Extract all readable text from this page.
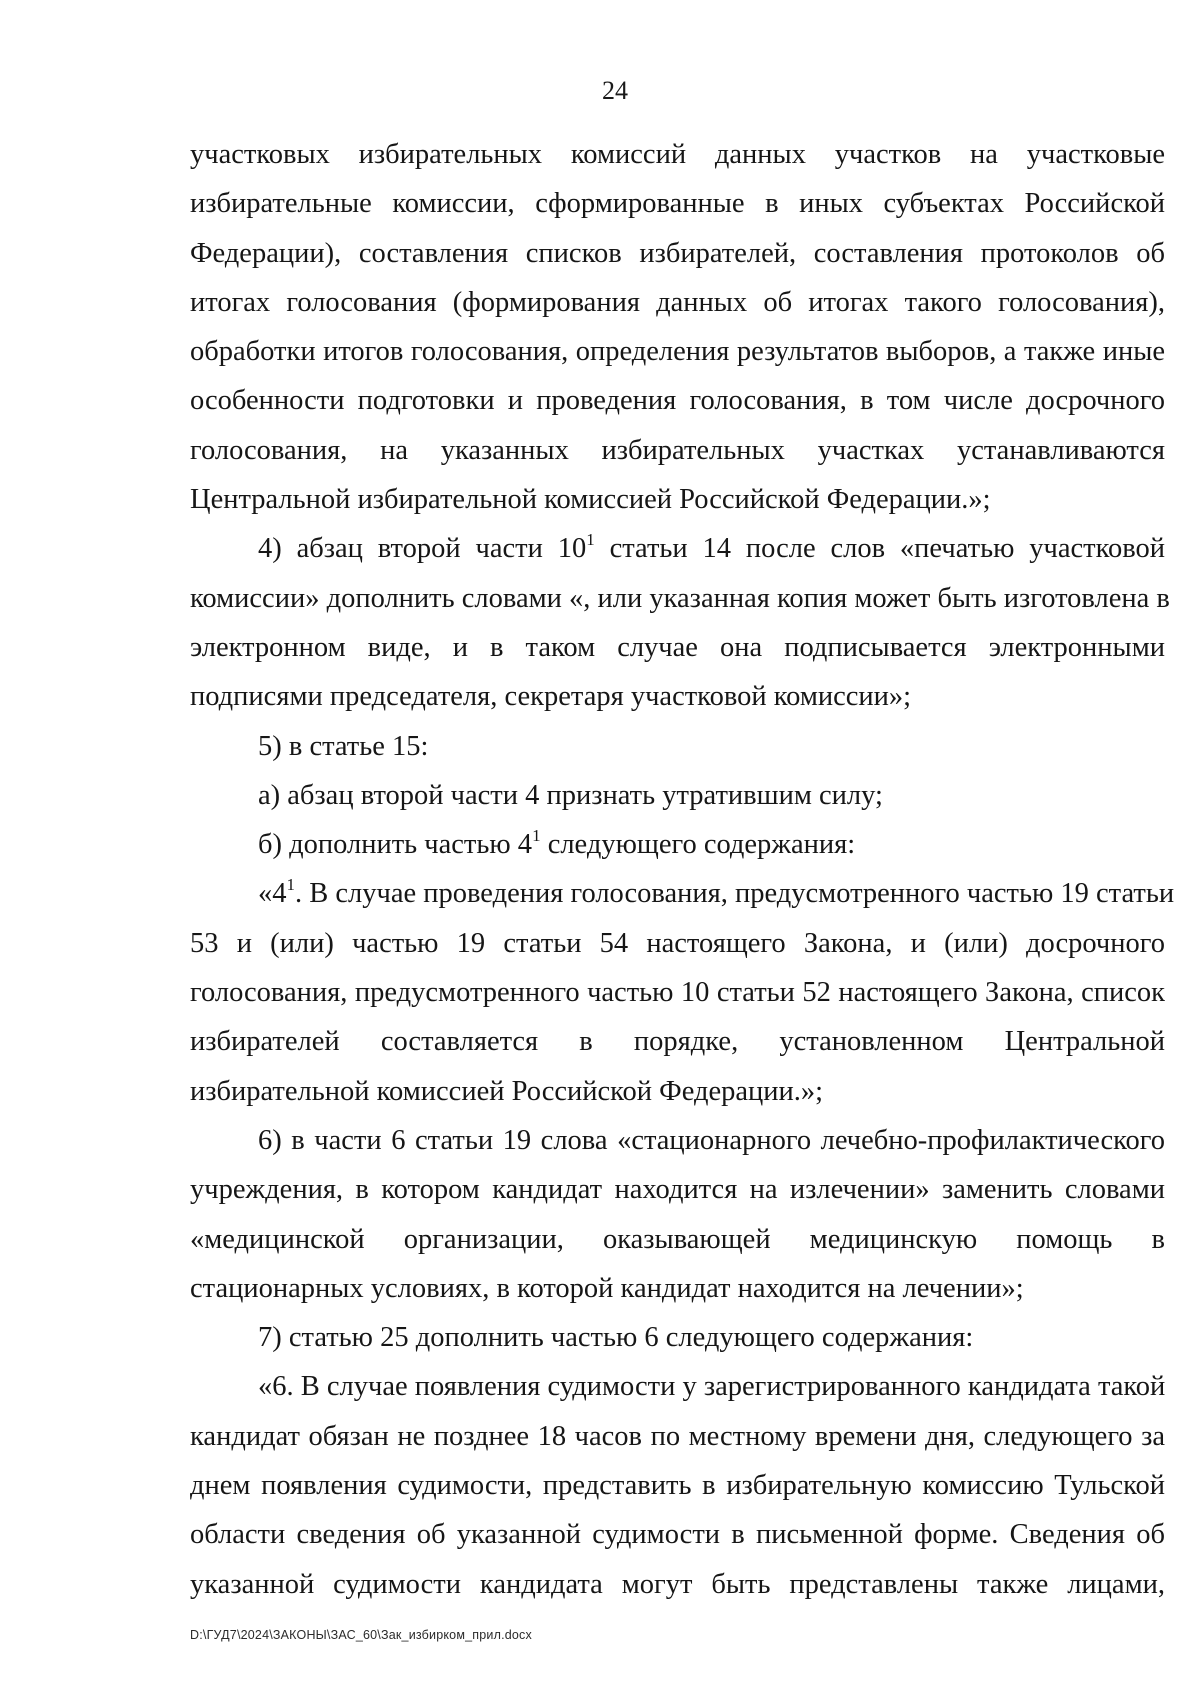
24
участковых избирательных комиссий данных участков на участковые
избирательные комиссии, сформированные в иных субъектах Российской
Федерации), составления списков избирателей, составления протоколов об
итогах голосования (формирования данных об итогах такого голосования),
обработки итогов голосования, определения результатов выборов, а также иные
особенности подготовки и проведения голосования, в том числе досрочного
голосования, на указанных избирательных участках устанавливаются
Центральной избирательной комиссией Российской Федерации.»;
4) абзац второй части $10^1$ статьи 14 после слов «печатью участковой
комиссии» дополнить словами «, или указанная копия может быть изготовлена в
электронном виде, и в таком случае она подписывается электронными
подписями председателя, секретаря участковой комиссии»;
5) в статье 15:
а) абзац второй части 4 признать утратившим силу;
б) дополнить частью $4^1$ следующего содержания:
«$4^1$. В случае проведения голосования, предусмотренного частью 19 статьи
53 и (или) частью 19 статьи 54 настоящего Закона, и (или) досрочного
голосования, предусмотренного частью 10 статьи 52 настоящего Закона, список
избирателей составляется в порядке, установленном Центральной
избирательной комиссией Российской Федерации.»;
6) в части 6 статьи 19 слова «стационарного лечебно-профилактического
учреждения, в котором кандидат находится на излечении» заменить словами
«медицинской организации, оказывающей медицинскую помощь в
стационарных условиях, в которой кандидат находится на лечении»;
7) статью 25 дополнить частью 6 следующего содержания:
«6. В случае появления судимости у зарегистрированного кандидата такой
кандидат обязан не позднее 18 часов по местному времени дня, следующего за
днем появления судимости, представить в избирательную комиссию Тульской
области сведения об указанной судимости в письменной форме. Сведения об
указанной судимости кандидата могут быть представлены также лицами,
D:\ГУД7\2024\ЗАКОНЫ\ЗАС_60\Зак_избирком_прил.docx
